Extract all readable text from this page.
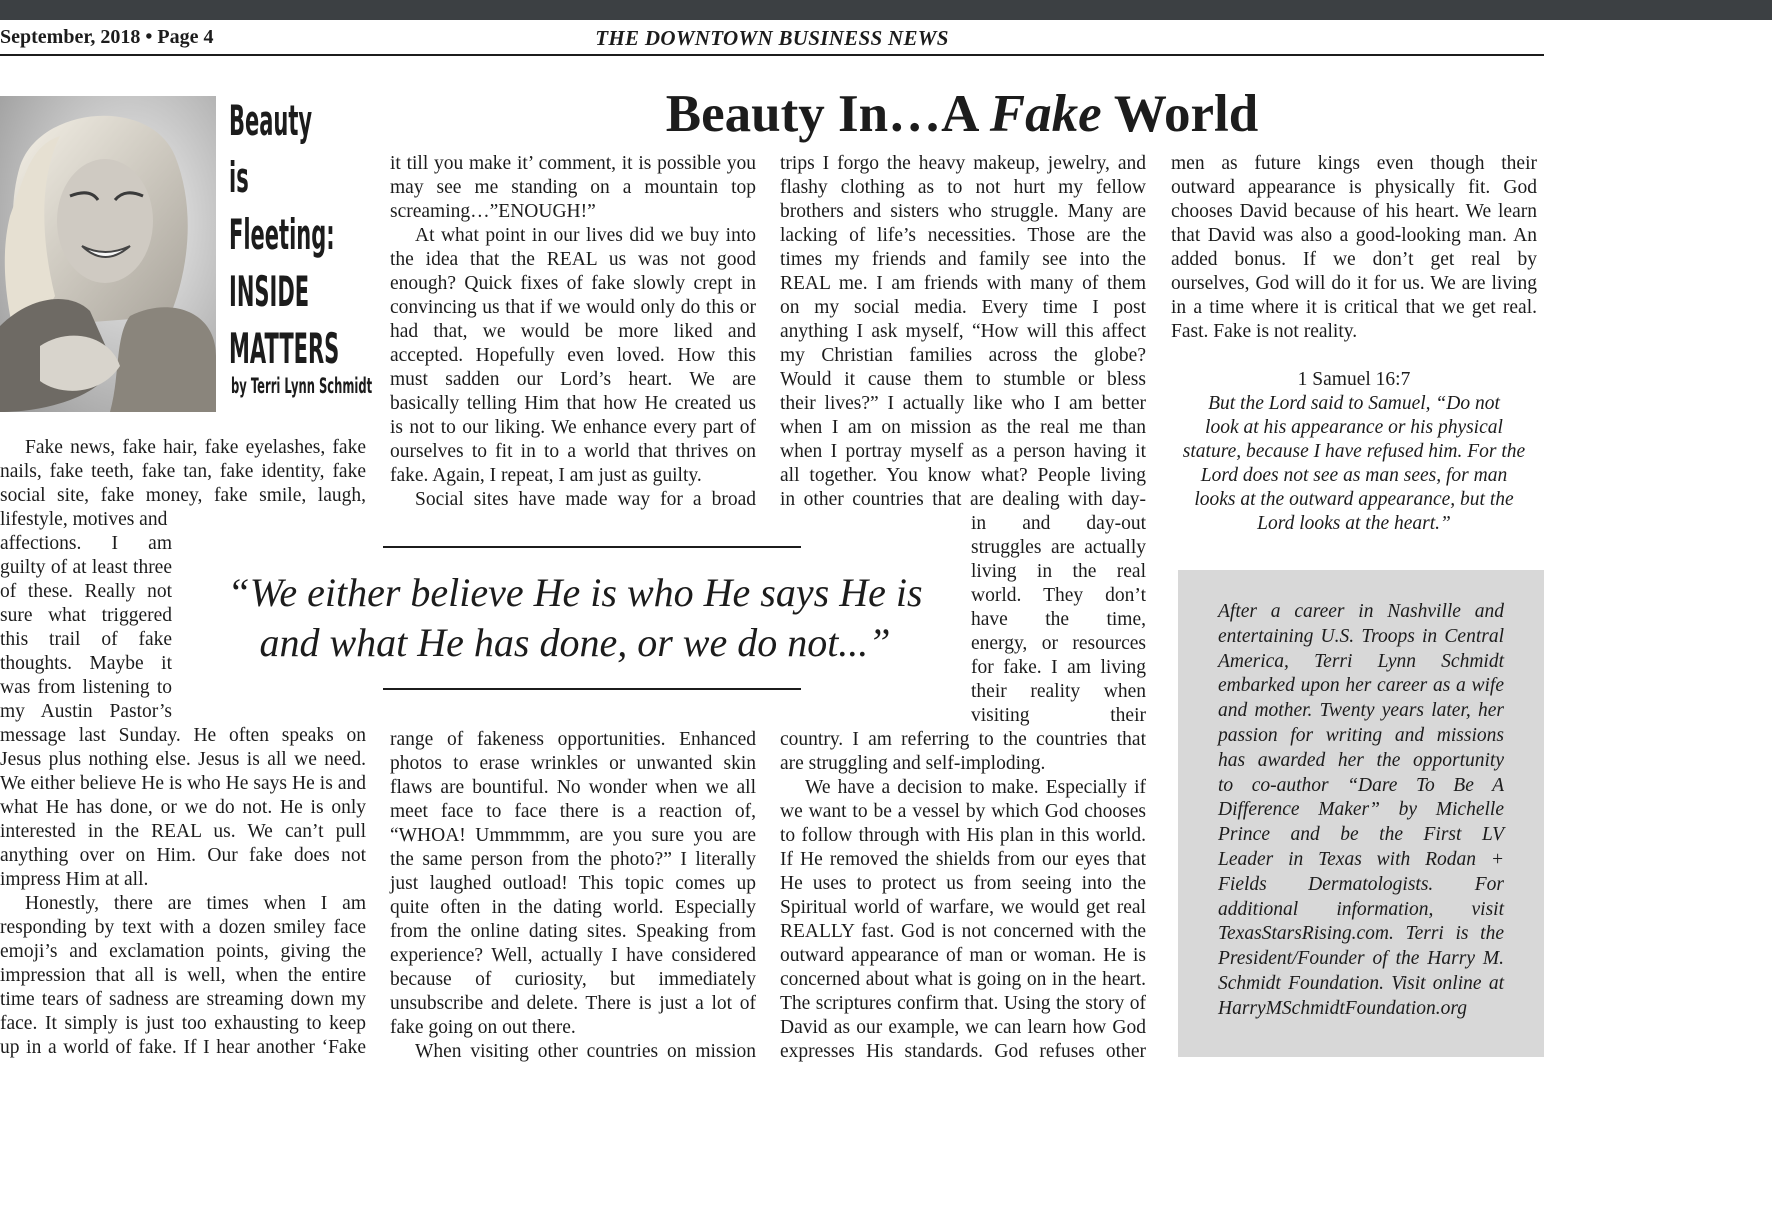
September, 2018 • Page 4	THE DOWNTOWN BUSINESS NEWS
Beauty
is
Fleeting:
INSIDE
MATTERS
by Terri Lynn Schmidt
Beauty In…A Fake World
Fake news, fake hair, fake eyelashes, fake
nails, fake teeth, fake tan, fake identity, fake
social site, fake money, fake smile, laugh,
lifestyle, motives and
affections. I am
guilty of at least three
of these. Really not
sure what triggered
this trail of fake
thoughts. Maybe it
was from listening to
my Austin Pastor’s
message last Sunday. He often speaks on
Jesus plus nothing else. Jesus is all we need.
We either believe He is who He says He is and
what He has done, or we do not. He is only
interested in the REAL us. We can’t pull
anything over on Him. Our fake does not
impress Him at all.
Honestly, there are times when I am
responding by text with a dozen smiley face
emoji’s and exclamation points, giving the
impression that all is well, when the entire
time tears of sadness are streaming down my
face. It simply is just too exhausting to keep
up in a world of fake. If I hear another ‘Fake
it till you make it’ comment, it is possible you
may see me standing on a mountain top
screaming…”ENOUGH!”
At what point in our lives did we buy into
the idea that the REAL us was not good
enough? Quick fixes of fake slowly crept in
convincing us that if we would only do this or
had that, we would be more liked and
accepted. Hopefully even loved. How this
must sadden our Lord’s heart. We are
basically telling Him that how He created us
is not to our liking. We enhance every part of
ourselves to fit in to a world that thrives on
fake. Again, I repeat, I am just as guilty.
Social sites have made way for a broad
range of fakeness opportunities. Enhanced
photos to erase wrinkles or unwanted skin
flaws are bountiful. No wonder when we all
meet face to face there is a reaction of,
“WHOA! Ummmmm, are you sure you are
the same person from the photo?” I literally
just laughed outload! This topic comes up
quite often in the dating world. Especially
from the online dating sites. Speaking from
experience? Well, actually I have considered
because of curiosity, but immediately
unsubscribe and delete. There is just a lot of
fake going on out there.
When visiting other countries on mission
trips I forgo the heavy makeup, jewelry, and
flashy clothing as to not hurt my fellow
brothers and sisters who struggle. Many are
lacking of life’s necessities. Those are the
times my friends and family see into the
REAL me. I am friends with many of them
on my social media. Every time I post
anything I ask myself, “How will this affect
my Christian families across the globe?
Would it cause them to stumble or bless
their lives?” I actually like who I am better
when I am on mission as the real me than
when I portray myself as a person having it
all together. You know what? People living
in other countries that are dealing with day-
in and day-out
struggles are actually
living in the real
world. They don’t
have the time,
energy, or resources
for fake. I am living
their reality when
visiting their
country. I am referring to the countries that
are struggling and self-imploding.
We have a decision to make. Especially if
we want to be a vessel by which God chooses
to follow through with His plan in this world.
If He removed the shields from our eyes that
He uses to protect us from seeing into the
Spiritual world of warfare, we would get real
REALLY fast. God is not concerned with the
outward appearance of man or woman. He is
concerned about what is going on in the heart.
The scriptures confirm that. Using the story of
David as our example, we can learn how God
expresses His standards. God refuses other
men as future kings even though their
outward appearance is physically fit. God
chooses David because of his heart. We learn
that David was also a good-looking man. An
added bonus. If we don’t get real by
ourselves, God will do it for us. We are living
in a time where it is critical that we get real.
Fast. Fake is not reality.
1 Samuel 16:7
But the Lord said to Samuel, “Do not
look at his appearance or his physical
stature, because I have refused him. For the
Lord does not see as man sees, for man
looks at the outward appearance, but the
Lord looks at the heart.”
“We either believe He is who He says He is
and what He has done, or we do not...”
After a career in Nashville and
entertaining U.S. Troops in Central
America, Terri Lynn Schmidt
embarked upon her career as a wife
and mother. Twenty years later, her
passion for writing and missions
has awarded her the opportunity
to co-author “Dare To Be A
Difference Maker” by Michelle
Prince and be the First LV
Leader in Texas with Rodan +
Fields Dermatologists. For
additional information, visit
TexasStarsRising.com. Terri is the
President/Founder of the Harry M.
Schmidt Foundation. Visit online at
HarryMSchmidtFoundation.org
